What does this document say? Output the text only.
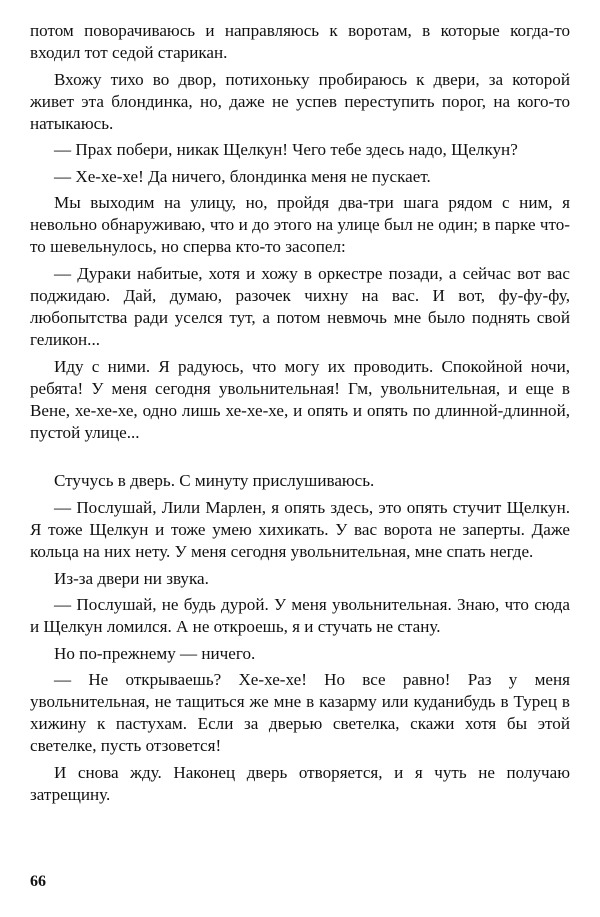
потом поворачиваюсь и направляюсь к воротам, в которые когда-то входил тот седой старикан.

Вхожу тихо во двор, потихоньку пробираюсь к двери, за которой живет эта блондинка, но, даже не успев переступить порог, на кого-то натыкаюсь.

— Прах побери, никак Щелкун! Чего тебе здесь надо, Щелкун?

— Хе-хе-хе! Да ничего, блондинка меня не пускает.

Мы выходим на улицу, но, пройдя два-три шага рядом с ним, я невольно обнаруживаю, что и до этого на улице был не один; в парке что-то шевельнулось, но сперва кто-то засопел:

— Дураки набитые, хотя и хожу в оркестре позади, а сейчас вот вас поджидаю. Дай, думаю, разочек чихну на вас. И вот, фу-фу-фу, любопытства ради уселся тут, а потом невмочь мне было поднять свой геликон...

Иду с ними. Я радуюсь, что могу их проводить. Спокойной ночи, ребята! У меня сегодня увольнительная! Гм, увольнительная, и еще в Вене, хе-хе-хе, одно лишь хе-хе-хе, и опять и опять по длинной-длинной, пустой улице...

Стучусь в дверь. С минуту прислушиваюсь.

— Послушай, Лили Марлен, я опять здесь, это опять стучит Щелкун. Я тоже Щелкун и тоже умею хихикать. У вас ворота не заперты. Даже кольца на них нету. У меня сегодня увольнительная, мне спать негде.

Из-за двери ни звука.

— Послушай, не будь дурой. У меня увольнительная. Знаю, что сюда и Щелкун ломился. А не откроешь, я и стучать не стану.

Но по-прежнему — ничего.

— Не открываешь? Хе-хе-хе! Но все равно! Раз у меня увольнительная, не тащиться же мне в казарму или куданибудь в Турец в хижину к пастухам. Если за дверью светелка, скажи хотя бы этой светелке, пусть отзовется!

И снова жду. Наконец дверь отворяется, и я чуть не получаю затрещину.

66
